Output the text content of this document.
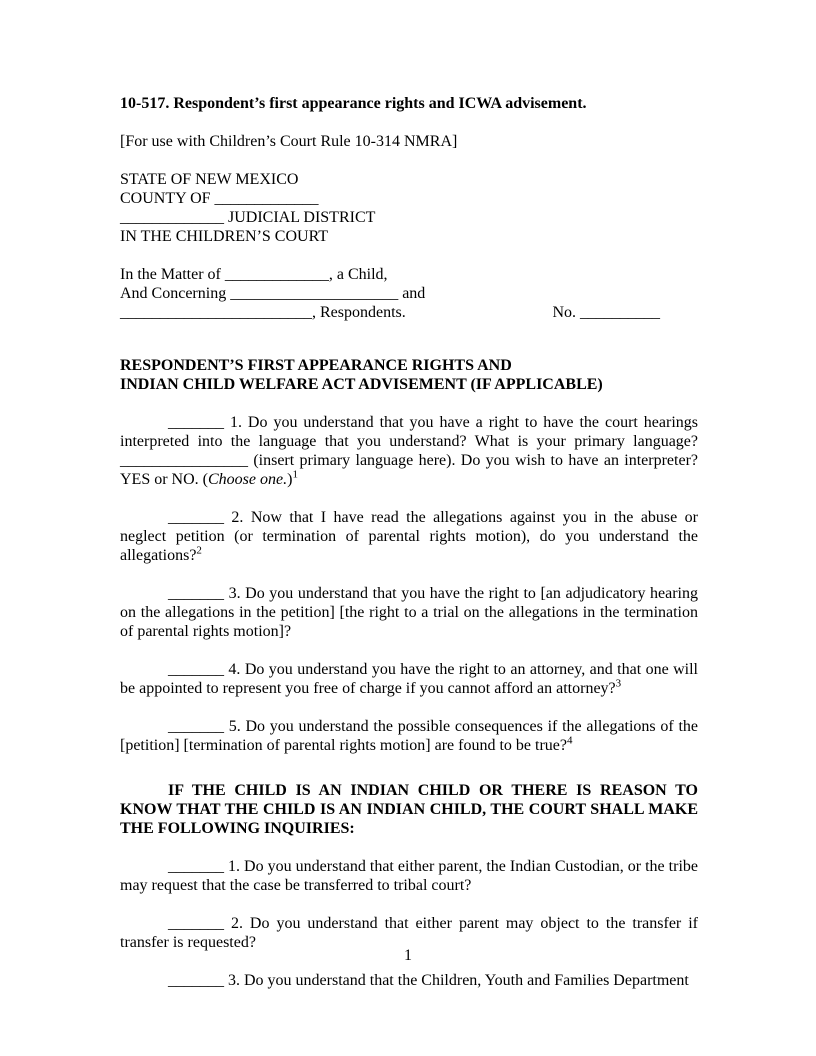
10-517. Respondent’s first appearance rights and ICWA advisement.

[For use with Children’s Court Rule 10-314 NMRA]

STATE OF NEW MEXICO
COUNTY OF _____________
_____________ JUDICIAL DISTRICT
IN THE CHILDREN’S COURT
In the Matter of _____________, a Child,
And Concerning _____________________ and
________________________, Respondents.	No. __________
RESPONDENT’S FIRST APPEARANCE RIGHTS AND
INDIAN CHILD WELFARE ACT ADVISEMENT (IF APPLICABLE)

_______ 1. Do you understand that you have a right to have the court hearings interpreted into the language that you understand? What is your primary language? ________________ (insert primary language here). Do you wish to have an interpreter? YES or NO. (Choose one.)$^1$

_______ 2. Now that I have read the allegations against you in the abuse or neglect petition (or termination of parental rights motion), do you understand the allegations?$^2$

_______ 3. Do you understand that you have the right to [an adjudicatory hearing on the allegations in the petition] [the right to a trial on the allegations in the termination of parental rights motion]?

_______ 4. Do you understand you have the right to an attorney, and that one will be appointed to represent you free of charge if you cannot afford an attorney?$^3$

_______ 5. Do you understand the possible consequences if the allegations of the [petition] [termination of parental rights motion] are found to be true?$^4$

IF THE CHILD IS AN INDIAN CHILD OR THERE IS REASON TO KNOW THAT THE CHILD IS AN INDIAN CHILD, THE COURT SHALL MAKE THE FOLLOWING INQUIRIES:

_______ 1. Do you understand that either parent, the Indian Custodian, or the tribe may request that the case be transferred to tribal court?

_______ 2. Do you understand that either parent may object to the transfer if transfer is requested?

_______ 3. Do you understand that the Children, Youth and Families Department

1
